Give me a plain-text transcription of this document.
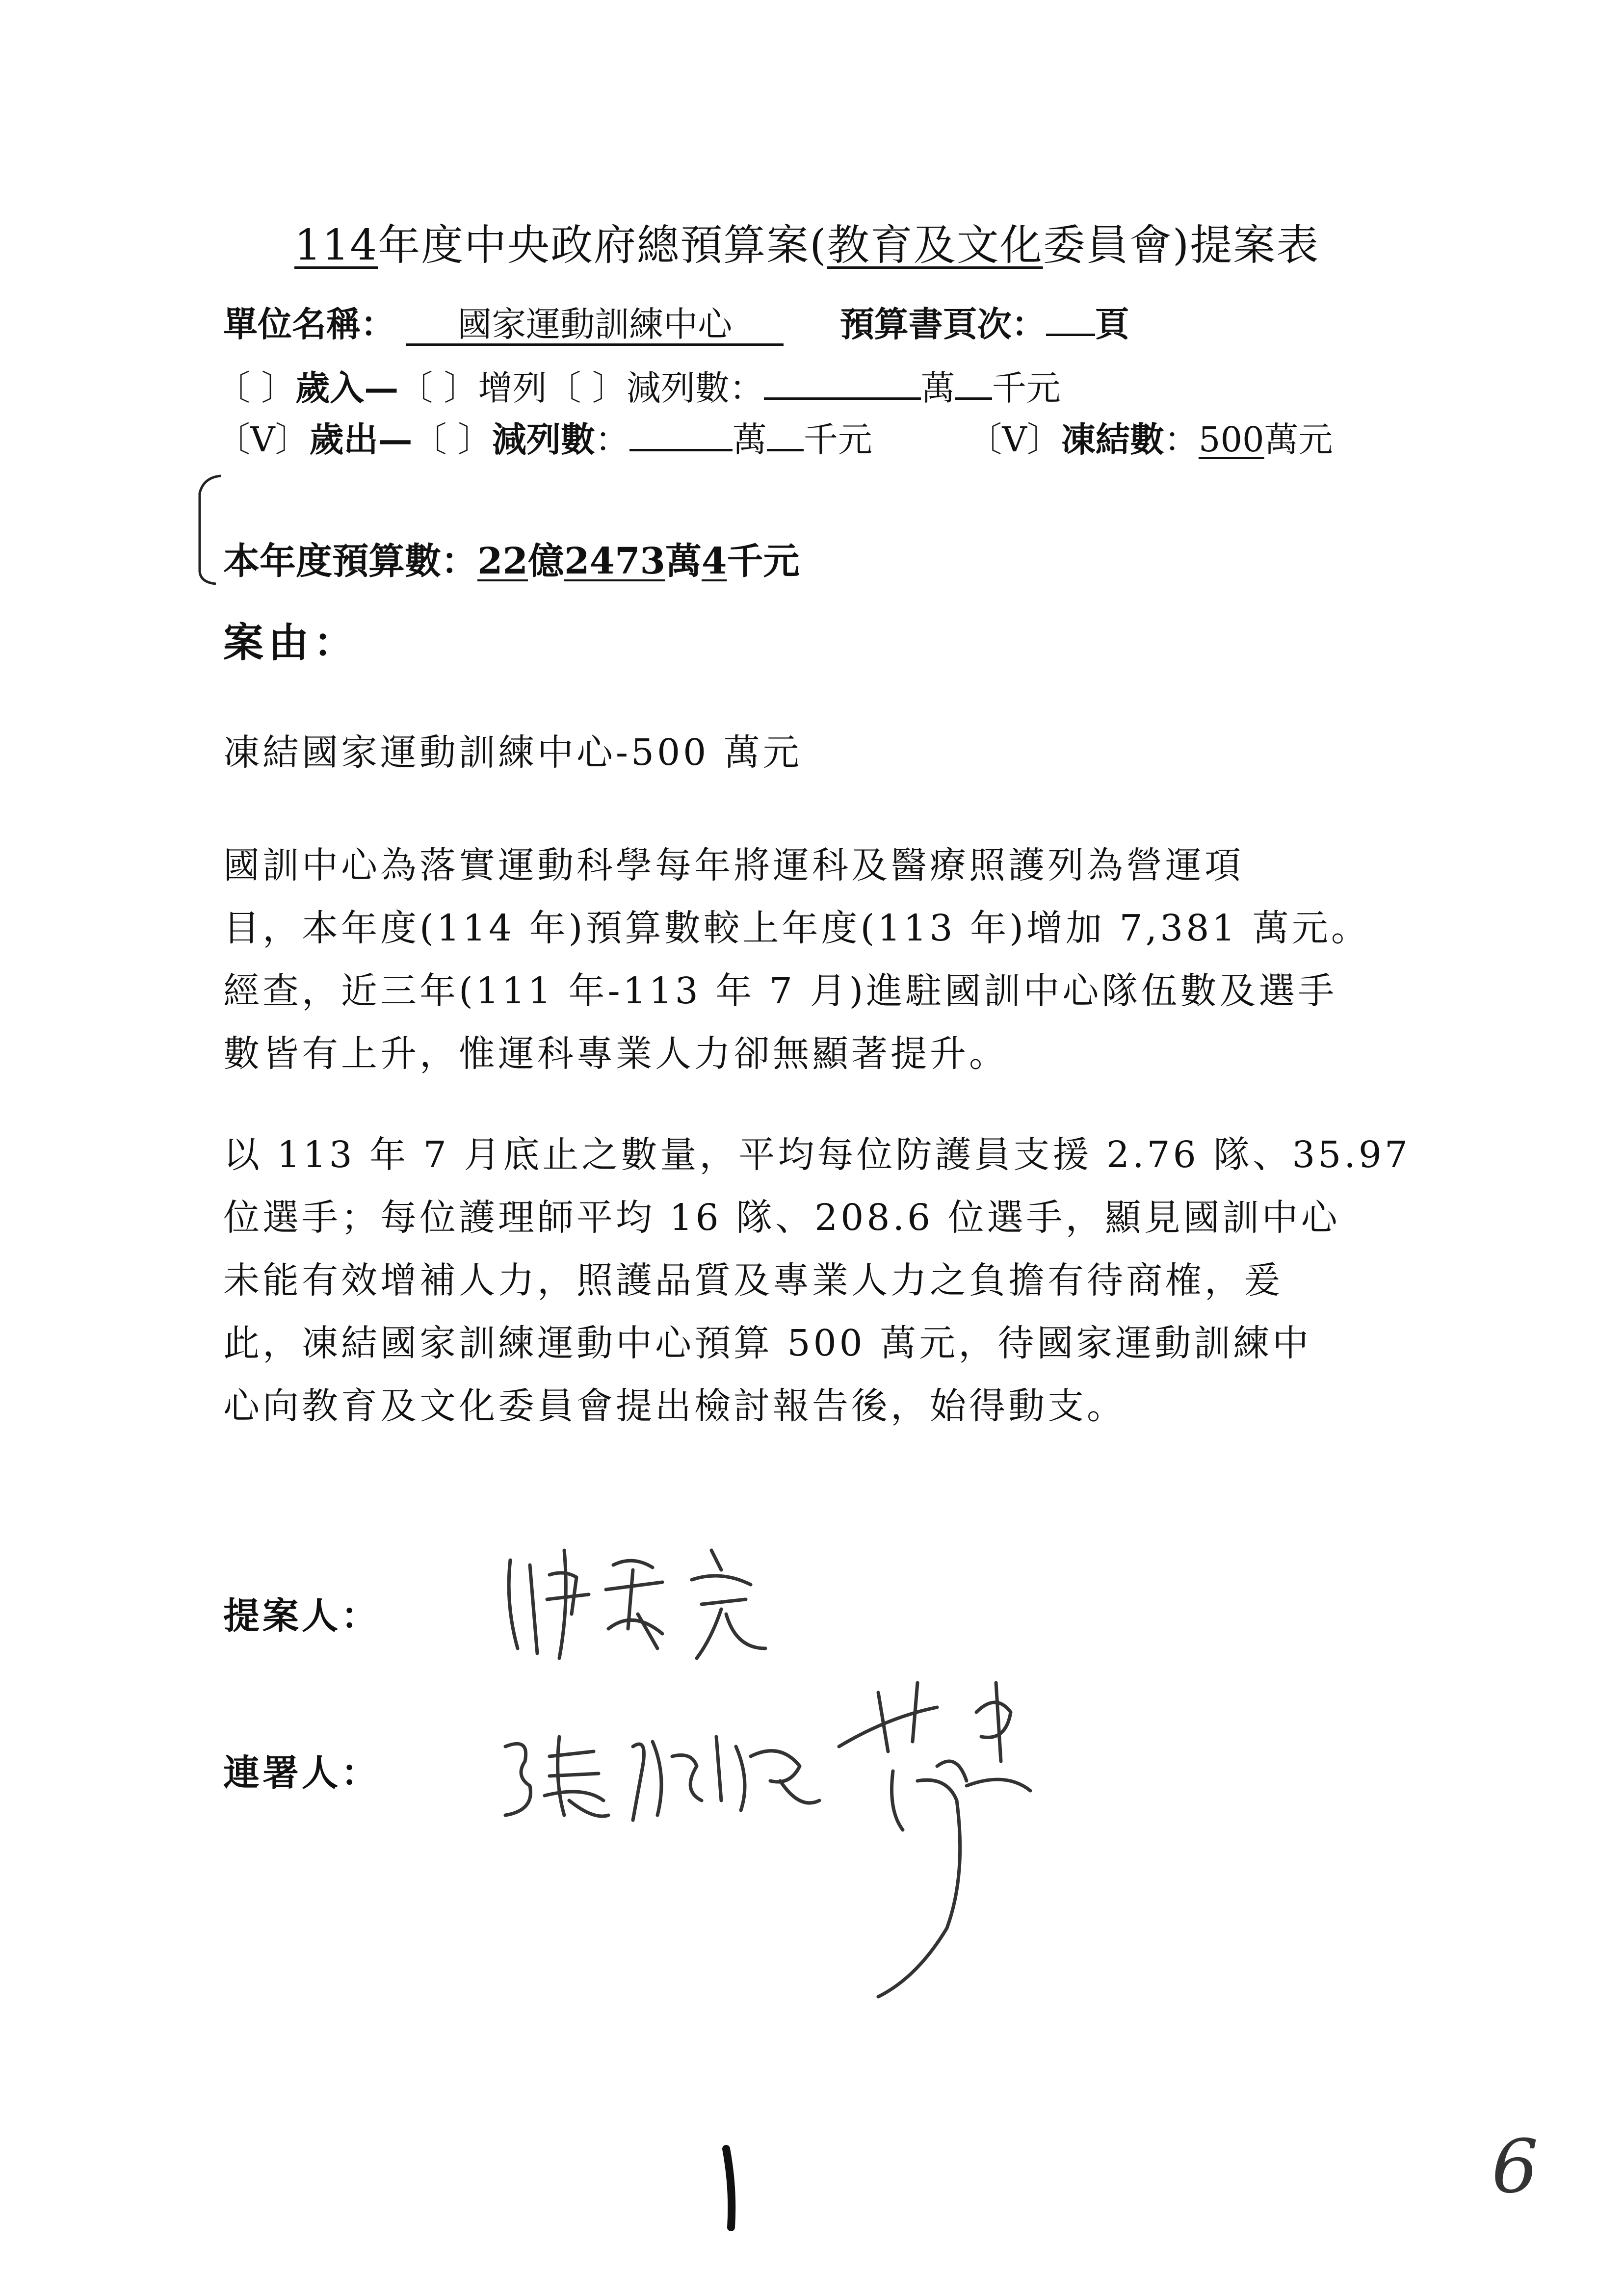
114年度中央政府總預算案(教育及文化委員會)提案表
單位名稱： 國家運動訓練中心	預算書頁次： 頁
〔 〕歲入—〔 〕增列〔 〕減列數：	萬 千元
〔V〕歲出—〔 〕減列數：	萬 千元	〔V〕凍結數：500萬元
本年度預算數：22億2473萬4千元
案由：

凍結國家運動訓練中心-500 萬元

國訓中心為落實運動科學每年將運科及醫療照護列為營運項

目，本年度(114 年)預算數較上年度(113 年)增加 7,381 萬元。

經查，近三年(111 年-113 年 7 月)進駐國訓中心隊伍數及選手

數皆有上升，惟運科專業人力卻無顯著提升。

以 113 年 7 月底止之數量，平均每位防護員支援 2.76 隊、35.97

位選手；每位護理師平均 16 隊、208.6 位選手，顯見國訓中心

未能有效增補人力，照護品質及專業人力之負擔有待商榷，爰

此，凍結國家訓練運動中心預算 500 萬元，待國家運動訓練中

心向教育及文化委員會提出檢討報告後，始得動支。

提案人：
連署人：
6
